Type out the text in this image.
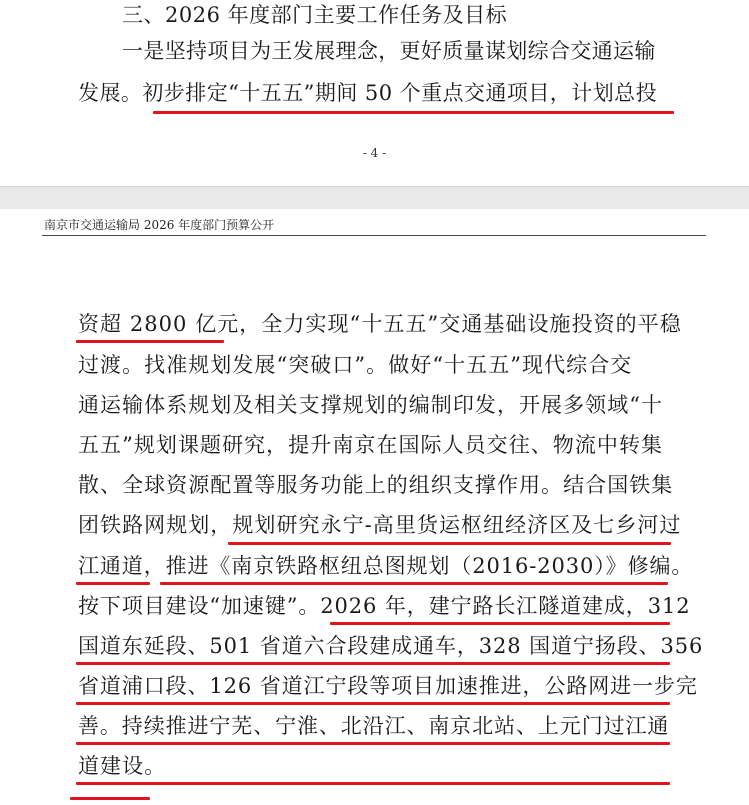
三、2026 年度部门主要工作任务及目标
一是坚持项目为王发展理念，更好质量谋划综合交通运输
发展。初步排定“十五五”期间 50 个重点交通项目，计划总投
- 4 -
南京市交通运输局 2026 年度部门预算公开
资超 2800 亿元，全力实现“十五五”交通基础设施投资的平稳
过渡。找准规划发展“突破口”。做好“十五五”现代综合交
通运输体系规划及相关支撑规划的编制印发，开展多领域“十
五五”规划课题研究，提升南京在国际人员交往、物流中转集
散、全球资源配置等服务功能上的组织支撑作用。结合国铁集
团铁路网规划，规划研究永宁-高里货运枢纽经济区及七乡河过
江通道，推进《南京铁路枢纽总图规划（2016-2030）》修编。
按下项目建设“加速键”。2026 年，建宁路长江隧道建成，312
国道东延段、501 省道六合段建成通车，328 国道宁扬段、356
省道浦口段、126 省道江宁段等项目加速推进，公路网进一步完
善。持续推进宁芜、宁淮、北沿江、南京北站、上元门过江通
道建设。
